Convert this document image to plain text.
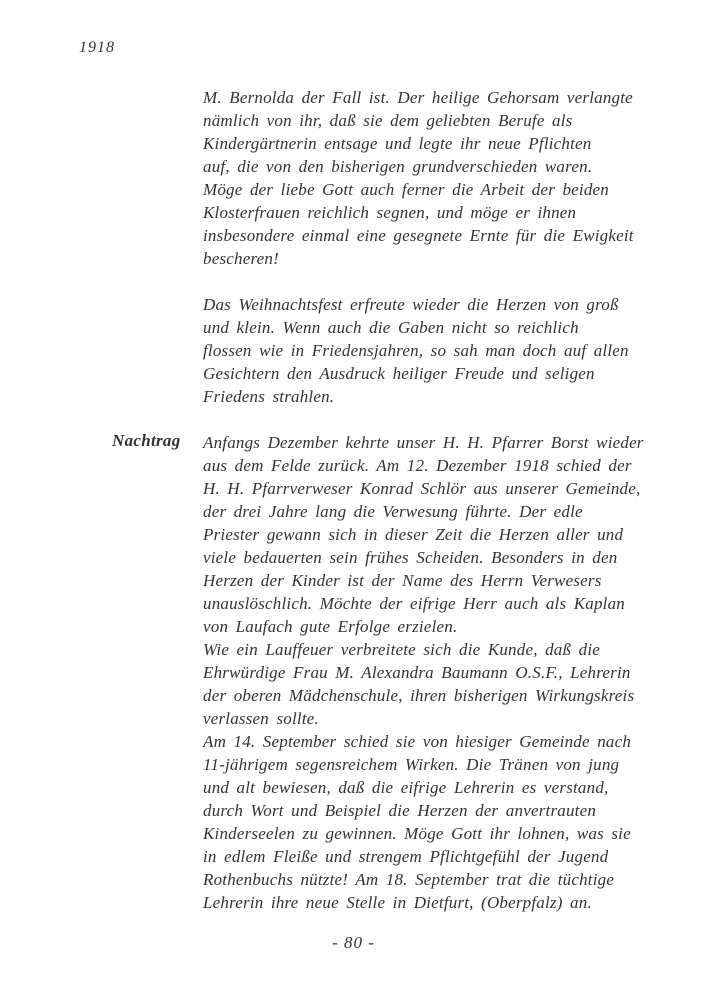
1918
Nachtrag
M. Bernolda der Fall ist. Der heilige Gehorsam verlangte
nämlich von ihr, daß sie dem geliebten Berufe als
Kindergärtnerin entsage und legte ihr neue Pflichten
auf, die von den bisherigen grundverschieden waren.
Möge der liebe Gott auch ferner die Arbeit der beiden
Klosterfrauen reichlich segnen, und möge er ihnen
insbesondere einmal eine gesegnete Ernte für die Ewigkeit
bescheren!
Das Weihnachtsfest erfreute wieder die Herzen von groß
und klein. Wenn auch die Gaben nicht so reichlich
flossen wie in Friedensjahren, so sah man doch auf allen
Gesichtern den Ausdruck heiliger Freude und seligen
Friedens strahlen.
Anfangs Dezember kehrte unser H. H. Pfarrer Borst wieder
aus dem Felde zurück. Am 12. Dezember 1918 schied der
H. H. Pfarrverweser Konrad Schlör aus unserer Gemeinde,
der drei Jahre lang die Verwesung führte. Der edle
Priester gewann sich in dieser Zeit die Herzen aller und
viele bedauerten sein frühes Scheiden. Besonders in den
Herzen der Kinder ist der Name des Herrn Verwesers
unauslöschlich. Möchte der eifrige Herr auch als Kaplan
von Laufach gute Erfolge erzielen.
Wie ein Lauffeuer verbreitete sich die Kunde, daß die
Ehrwürdige Frau M. Alexandra Baumann O.S.F., Lehrerin
der oberen Mädchenschule, ihren bisherigen Wirkungskreis
verlassen sollte.
Am 14. September schied sie von hiesiger Gemeinde nach
11-jährigem segensreichem Wirken. Die Tränen von jung
und alt bewiesen, daß die eifrige Lehrerin es verstand,
durch Wort und Beispiel die Herzen der anvertrauten
Kinderseelen zu gewinnen. Möge Gott ihr lohnen, was sie
in edlem Fleiße und strengem Pflichtgefühl der Jugend
Rothenbuchs nützte! Am 18. September trat die tüchtige
Lehrerin ihre neue Stelle in Dietfurt, (Oberpfalz) an.
- 80 -
